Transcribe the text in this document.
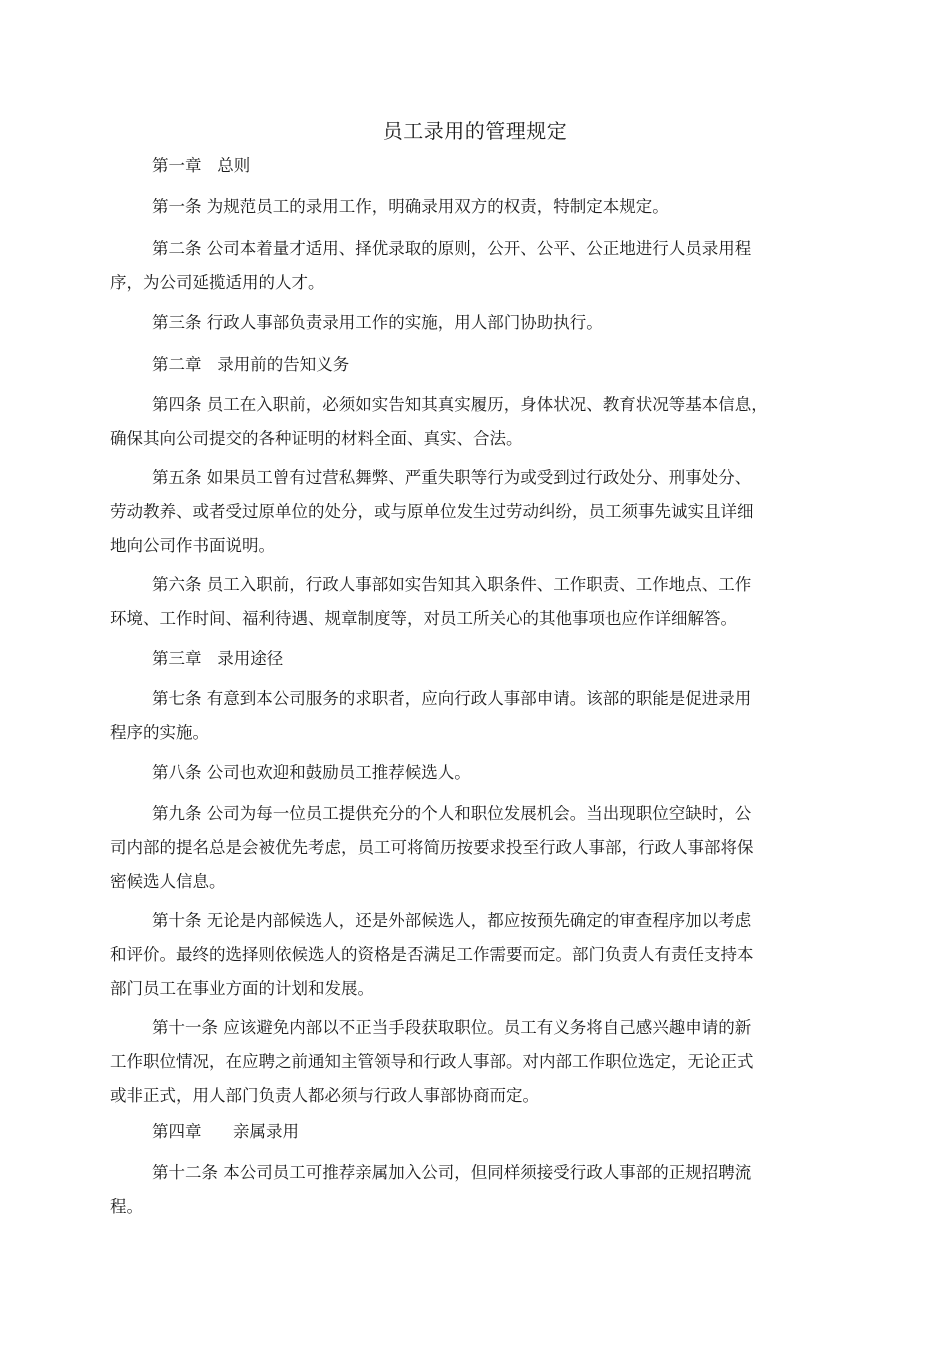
员工录用的管理规定
第一章   总则
第一条 为规范员工的录用工作，明确录用双方的权责，特制定本规定。
第二条 公司本着量才适用、择优录取的原则，公开、公平、公正地进行人员录用程
序，为公司延揽适用的人才。
第三条 行政人事部负责录用工作的实施，用人部门协助执行。
第二章   录用前的告知义务
第四条 员工在入职前，必须如实告知其真实履历，身体状况、教育状况等基本信息，
确保其向公司提交的各种证明的材料全面、真实、合法。
第五条 如果员工曾有过营私舞弊、严重失职等行为或受到过行政处分、刑事处分、
劳动教养、或者受过原单位的处分，或与原单位发生过劳动纠纷，员工须事先诚实且详细
地向公司作书面说明。
第六条 员工入职前，行政人事部如实告知其入职条件、工作职责、工作地点、工作
环境、工作时间、福利待遇、规章制度等，对员工所关心的其他事项也应作详细解答。
第三章   录用途径
第七条 有意到本公司服务的求职者，应向行政人事部申请。该部的职能是促进录用
程序的实施。
第八条 公司也欢迎和鼓励员工推荐候选人。
第九条 公司为每一位员工提供充分的个人和职位发展机会。当出现职位空缺时，公
司内部的提名总是会被优先考虑，员工可将简历按要求投至行政人事部，行政人事部将保
密候选人信息。
第十条 无论是内部候选人，还是外部候选人，都应按预先确定的审查程序加以考虑
和评价。最终的选择则依候选人的资格是否满足工作需要而定。部门负责人有责任支持本
部门员工在事业方面的计划和发展。
第十一条 应该避免内部以不正当手段获取职位。员工有义务将自己感兴趣申请的新
工作职位情况，在应聘之前通知主管领导和行政人事部。对内部工作职位选定，无论正式
或非正式，用人部门负责人都必须与行政人事部协商而定。
第四章      亲属录用
第十二条 本公司员工可推荐亲属加入公司，但同样须接受行政人事部的正规招聘流
程。
